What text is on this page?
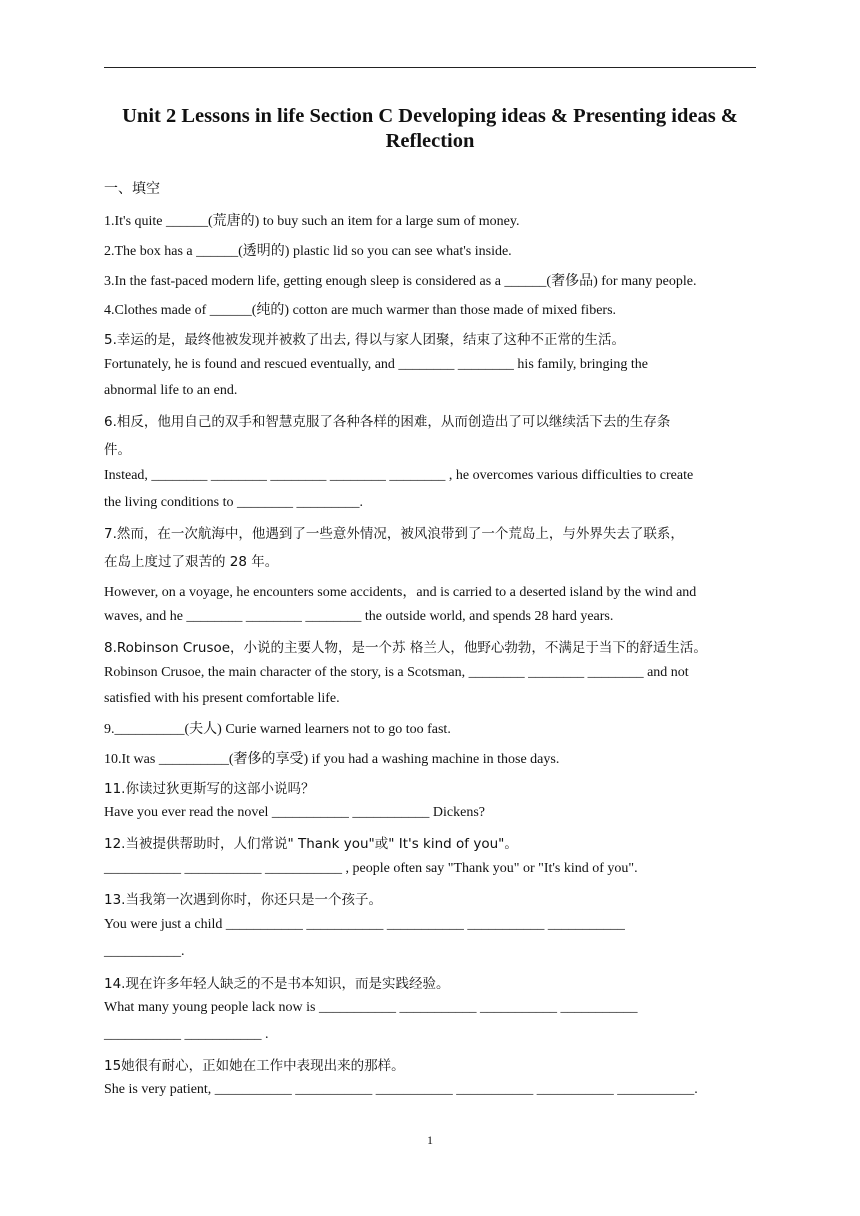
Unit 2 Lessons in life Section C Developing ideas & Presenting ideas &
Reflection
一、填空
1.It's quite ______(荒唐的) to buy such an item for a large sum of money.
2.The box has a ______(透明的) plastic lid so you can see what's inside.
3.In the fast-paced modern life, getting enough sleep is considered as a ______(奢侈品) for many people.
4.Clothes made of ______(纯的) cotton are much warmer than those made of mixed fibers.
5.幸运的是，最终他被发现并被救了出去, 得以与家人团聚，结束了这种不正常的生活。
Fortunately, he is found and rescued eventually, and ________ ________ his family, bringing the
abnormal life to an end.
6.相反，他用自己的双手和智慧克服了各种各样的困难，从而创造出了可以继续活下去的生存条
件。
Instead, ________ ________ ________ ________ ________ , he overcomes various difficulties to create
the living conditions to ________ _________.
7.然而，在一次航海中，他遇到了一些意外情况，被风浪带到了一个荒岛上，与外界失去了联系，
在岛上度过了艰苦的 28 年。
However, on a voyage, he encounters some accidents，and is carried to a deserted island by the wind and
waves, and he ________ ________ ________ the outside world, and spends 28 hard years.
8.Robinson Crusoe，小说的主要人物，是一个苏 格兰人，他野心勃勃，不满足于当下的舒适生活。
Robinson Crusoe, the main character of the story, is a Scotsman, ________ ________ ________ and not
satisfied with his present comfortable life.
9.__________(夫人) Curie warned learners not to go too fast.
10.It was __________(奢侈的享受) if you had a washing machine in those days.
11.你读过狄更斯写的这部小说吗？
Have you ever read the novel ___________ ___________ Dickens?
12.当被提供帮助时，人们常说" Thank you"或" It's kind of you"。
___________ ___________ ___________ , people often say "Thank you" or "It's kind of you".
13.当我第一次遇到你时，你还只是一个孩子。
You were just a child ___________ ___________ ___________ ___________ ___________
___________.
14.现在许多年轻人缺乏的不是书本知识，而是实践经验。
What many young people lack now is ___________ ___________ ___________ ___________
___________ ___________ .
15她很有耐心，正如她在工作中表现出来的那样。
She is very patient, ___________ ___________ ___________ ___________ ___________ ___________.
1
